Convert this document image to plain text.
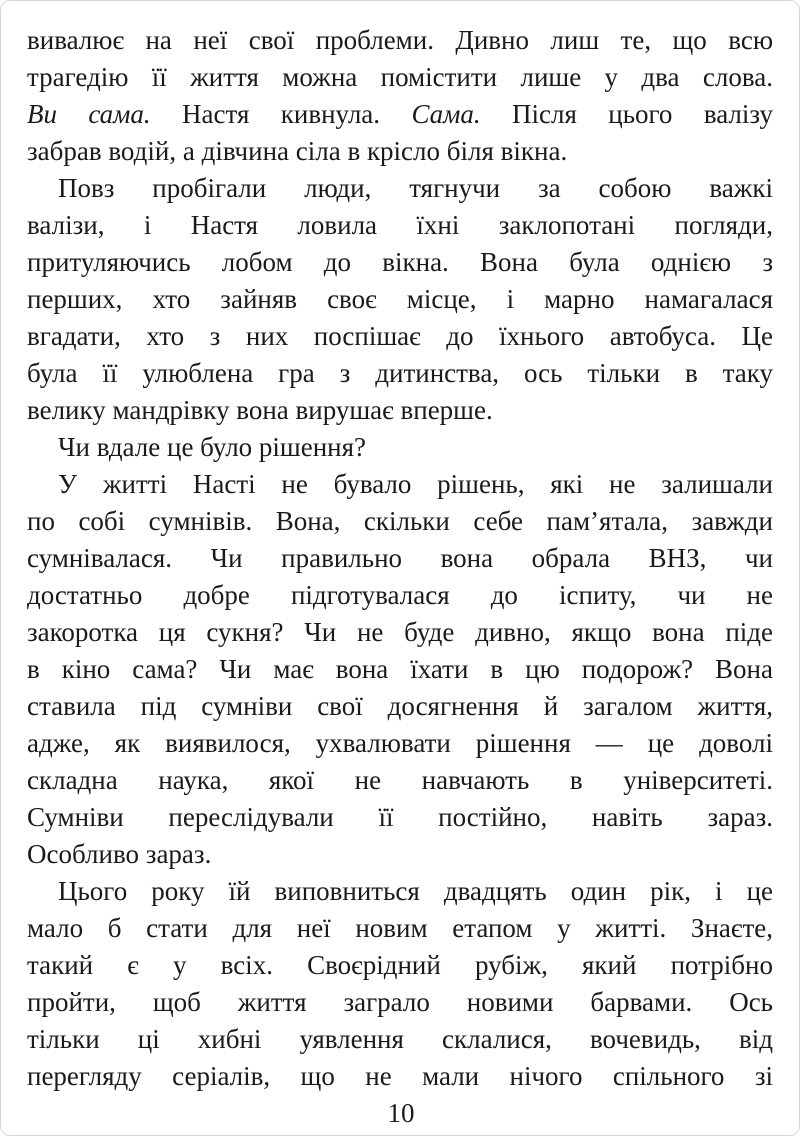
вивалює на неї свої проблеми. Дивно лиш те, що всю
трагедію її життя можна помістити лише у два слова.
Ви сама. Настя кивнула. Сама. Після цього валізу
забрав водій, а дівчина сіла в крісло біля вікна.
Повз пробігали люди, тягнучи за собою важкі
валізи, і Настя ловила їхні заклопотані погляди,
притуляючись лобом до вікна. Вона була однією з
перших, хто зайняв своє місце, і марно намагалася
вгадати, хто з них поспішає до їхнього автобуса. Це
була її улюблена гра з дитинства, ось тільки в таку
велику мандрівку вона вирушає вперше.
Чи вдале це було рішення?
У житті Насті не бувало рішень, які не залишали
по собі сумнівів. Вона, скільки себе пам’ятала, завжди
сумнівалася. Чи правильно вона обрала ВНЗ, чи
достатньо добре підготувалася до іспиту, чи не
закоротка ця сукня? Чи не буде дивно, якщо вона піде
в кіно сама? Чи має вона їхати в цю подорож? Вона
ставила під сумніви свої досягнення й загалом життя,
адже, як виявилося, ухвалювати рішення — це доволі
складна наука, якої не навчають в університеті.
Сумніви переслідували її постійно, навіть зараз.
Особливо зараз.
Цього року їй виповниться двадцять один рік, і це
мало б стати для неї новим етапом у житті. Знаєте,
такий є у всіх. Своєрідний рубіж, який потрібно
пройти, щоб життя заграло новими барвами. Ось
тільки ці хибні уявлення склалися, вочевидь, від
перегляду серіалів, що не мали нічого спільного зі
10
